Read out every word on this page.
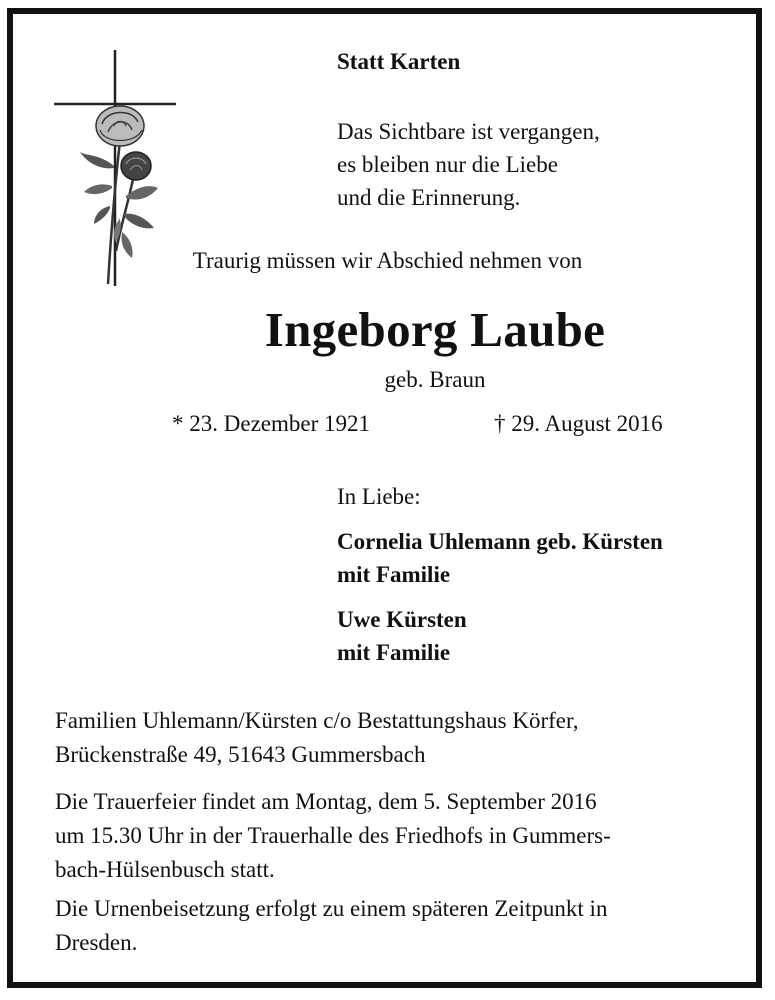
Statt Karten
Das Sichtbare ist vergangen,
es bleiben nur die Liebe
und die Erinnerung.
Traurig müssen wir Abschied nehmen von
Ingeborg Laube
geb. Braun
* 23. Dezember 1921	† 29. August 2016
In Liebe:
Cornelia Uhlemann geb. Kürsten
mit Familie
Uwe Kürsten
mit Familie
Familien Uhlemann/Kürsten c/o Bestattungshaus Körfer,
Brückenstraße 49, 51643 Gummersbach
Die Trauerfeier findet am Montag, dem 5. September 2016
um 15.30 Uhr in der Trauerhalle des Friedhofs in Gummers-
bach-Hülsenbusch statt.
Die Urnenbeisetzung erfolgt zu einem späteren Zeitpunkt in
Dresden.
